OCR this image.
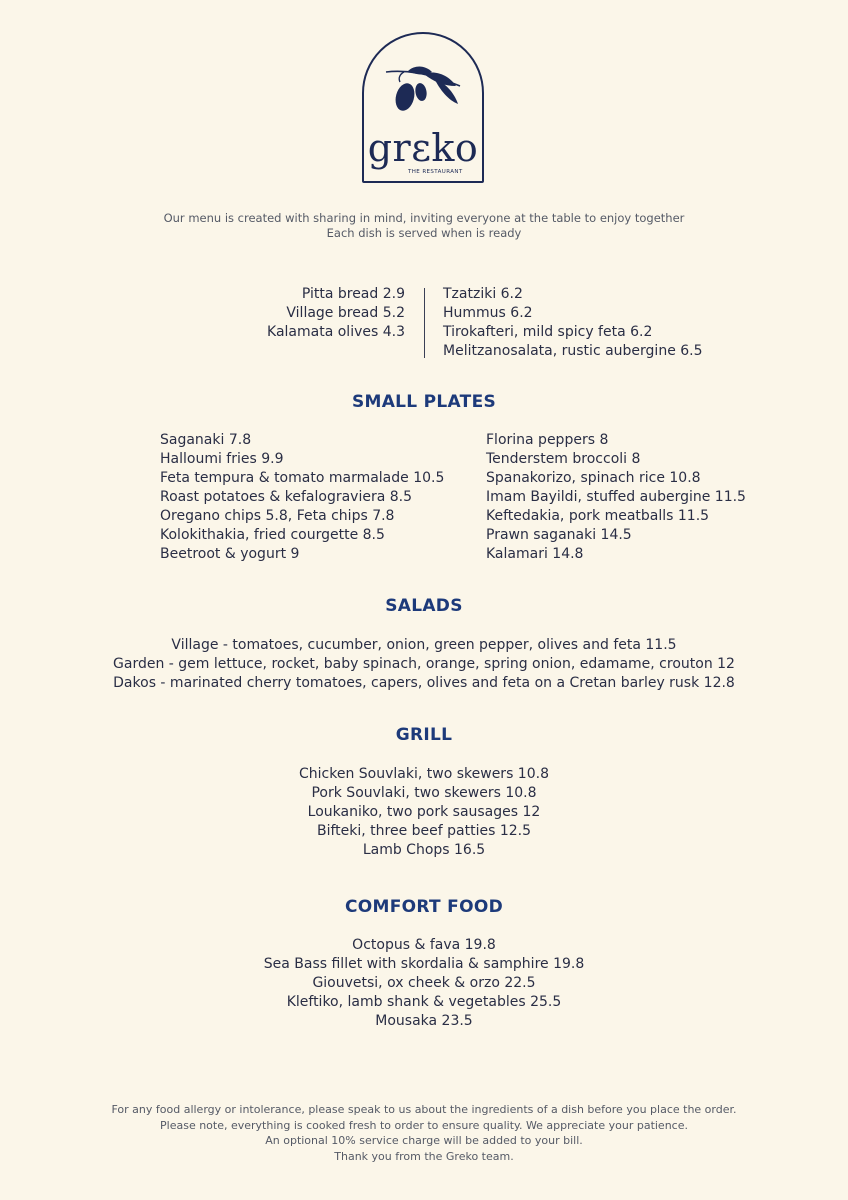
grεko
THE RESTAURANT
Our menu is created with sharing in mind, inviting everyone at the table to enjoy together
Each dish is served when is ready
Pitta bread 2.9
Village bread 5.2
Kalamata olives 4.3
Tzatziki 6.2
Hummus 6.2
Tirokafteri, mild spicy feta 6.2
Melitzanosalata, rustic aubergine 6.5
SMALL PLATES
Saganaki 7.8
Halloumi fries 9.9
Feta tempura & tomato marmalade 10.5
Roast potatoes & kefalograviera 8.5
Oregano chips 5.8, Feta chips 7.8
Kolokithakia, fried courgette 8.5
Beetroot & yogurt 9
Florina peppers 8
Tenderstem broccoli 8
Spanakorizo, spinach rice 10.8
Imam Bayildi, stuffed aubergine 11.5
Keftedakia, pork meatballs 11.5
Prawn saganaki 14.5
Kalamari 14.8
SALADS
Village - tomatoes, cucumber, onion, green pepper, olives and feta 11.5
Garden - gem lettuce, rocket, baby spinach, orange, spring onion, edamame, crouton 12
Dakos - marinated cherry tomatoes, capers, olives and feta on a Cretan barley rusk 12.8
GRILL
Chicken Souvlaki, two skewers 10.8
Pork Souvlaki, two skewers 10.8
Loukaniko, two pork sausages 12
Bifteki, three beef patties 12.5
Lamb Chops 16.5
COMFORT FOOD
Octopus & fava 19.8
Sea Bass fillet with skordalia & samphire 19.8
Giouvetsi, ox cheek & orzo 22.5
Kleftiko, lamb shank & vegetables 25.5
Mousaka 23.5
For any food allergy or intolerance, please speak to us about the ingredients of a dish before you place the order.
Please note, everything is cooked fresh to order to ensure quality. We appreciate your patience.
An optional 10% service charge will be added to your bill.
Thank you from the Greko team.
